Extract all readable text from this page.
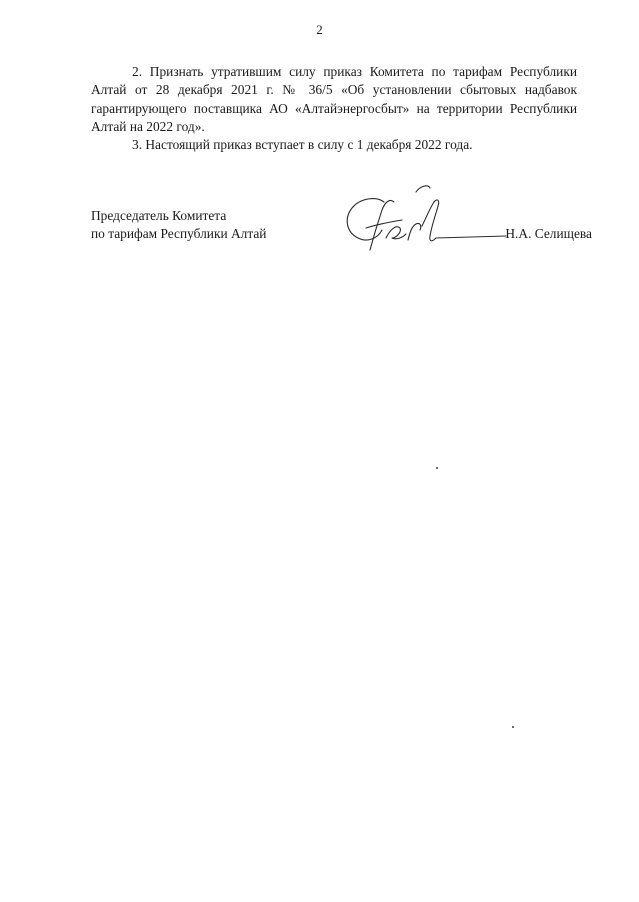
2

2. Признать утратившим силу приказ Комитета по тарифам Республики Алтай от 28 декабря 2021 г. № 36/5 «Об установлении сбытовых надбавок гарантирующего поставщика АО «Алтайэнергосбыт» на территории Республики Алтай на 2022 год».

3. Настоящий приказ вступает в силу с 1 декабря 2022 года.

Председатель Комитета
по тарифам Республики Алтай	Н.А. Селищева
